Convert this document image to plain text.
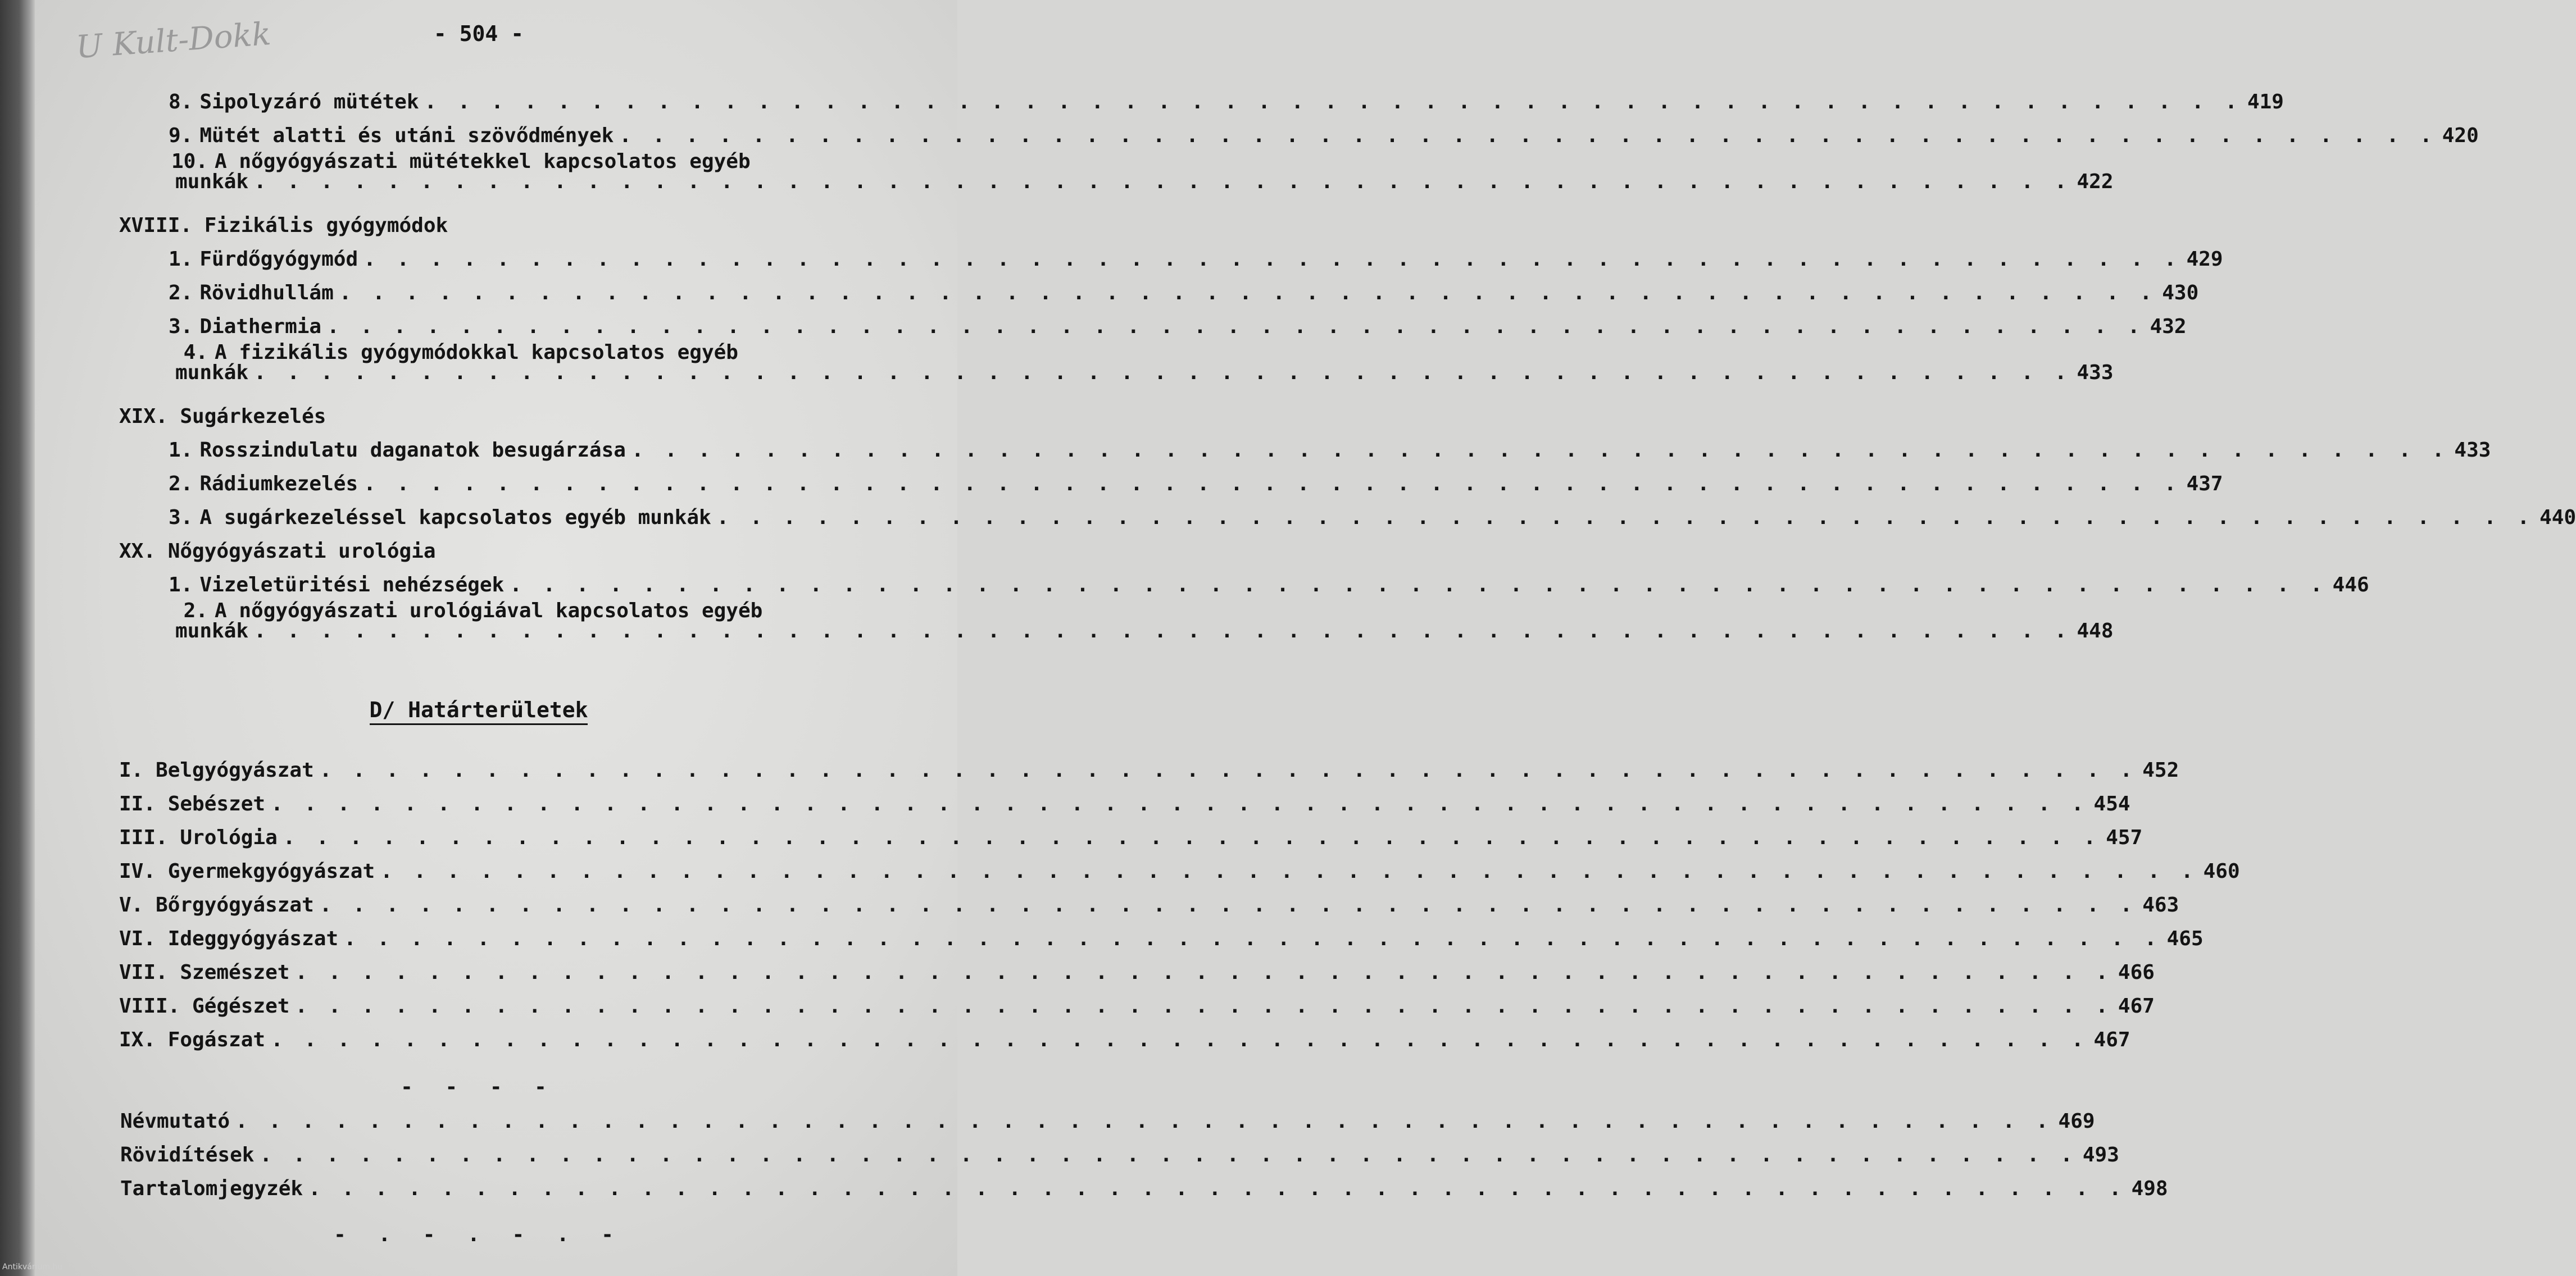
U Kult-Dokk	- 504 -
8. Sipolyzáró mütétek . . . . . . . . . . . . . . . . . . . . . . . . . . . . . . . . . . . . . . . . . . . . . . . . . . . . . . . 419
9. Mütét alatti és utáni szövődmények . . . . . . . . . . . . . . . . . . . . . . . . . . . . . . . . . . . . . . . . . . . . . . . . . . . . . . . 420
10. A nőgyógyászati mütétekkel kapcsolatos egyéb
munkák . . . . . . . . . . . . . . . . . . . . . . . . . . . . . . . . . . . . . . . . . . . . . . . . . . . . . . . 422
XVIII. Fizikális gyógymódok
1. Fürdőgyógymód . . . . . . . . . . . . . . . . . . . . . . . . . . . . . . . . . . . . . . . . . . . . . . . . . . . . . . . 429
2. Rövidhullám . . . . . . . . . . . . . . . . . . . . . . . . . . . . . . . . . . . . . . . . . . . . . . . . . . . . . . . 430
3. Diathermia . . . . . . . . . . . . . . . . . . . . . . . . . . . . . . . . . . . . . . . . . . . . . . . . . . . . . . . 432
4. A fizikális gyógymódokkal kapcsolatos egyéb
munkák . . . . . . . . . . . . . . . . . . . . . . . . . . . . . . . . . . . . . . . . . . . . . . . . . . . . . . . 433
XIX. Sugárkezelés
1. Rosszindulatu daganatok besugárzása . . . . . . . . . . . . . . . . . . . . . . . . . . . . . . . . . . . . . . . . . . . . . . . . . . . . . . . 433
2. Rádiumkezelés . . . . . . . . . . . . . . . . . . . . . . . . . . . . . . . . . . . . . . . . . . . . . . . . . . . . . . . 437
3. A sugárkezeléssel kapcsolatos egyéb munkák . . . . . . . . . . . . . . . . . . . . . . . . . . . . . . . . . . . . . . . . . . . . . . . . . . . . . . . 440
XX. Nőgyógyászati urológia
1. Vizeletüritési nehézségek . . . . . . . . . . . . . . . . . . . . . . . . . . . . . . . . . . . . . . . . . . . . . . . . . . . . . . . 446
2. A nőgyógyászati urológiával kapcsolatos egyéb
munkák . . . . . . . . . . . . . . . . . . . . . . . . . . . . . . . . . . . . . . . . . . . . . . . . . . . . . . . 448
I. Belgyógyászat . . . . . . . . . . . . . . . . . . . . . . . . . . . . . . . . . . . . . . . . . . . . . . . . . . . . . . . 452
II. Sebészet . . . . . . . . . . . . . . . . . . . . . . . . . . . . . . . . . . . . . . . . . . . . . . . . . . . . . . . 454
III. Urológia . . . . . . . . . . . . . . . . . . . . . . . . . . . . . . . . . . . . . . . . . . . . . . . . . . . . . . . 457
IV. Gyermekgyógyászat . . . . . . . . . . . . . . . . . . . . . . . . . . . . . . . . . . . . . . . . . . . . . . . . . . . . . . . 460
V. Bőrgyógyászat . . . . . . . . . . . . . . . . . . . . . . . . . . . . . . . . . . . . . . . . . . . . . . . . . . . . . . . 463
VI. Ideggyógyászat . . . . . . . . . . . . . . . . . . . . . . . . . . . . . . . . . . . . . . . . . . . . . . . . . . . . . . . 465
VII. Szemészet . . . . . . . . . . . . . . . . . . . . . . . . . . . . . . . . . . . . . . . . . . . . . . . . . . . . . . . 466
VIII. Gégészet . . . . . . . . . . . . . . . . . . . . . . . . . . . . . . . . . . . . . . . . . . . . . . . . . . . . . . . 467
IX. Fogászat . . . . . . . . . . . . . . . . . . . . . . . . . . . . . . . . . . . . . . . . . . . . . . . . . . . . . . . 467
Névmutató . . . . . . . . . . . . . . . . . . . . . . . . . . . . . . . . . . . . . . . . . . . . . . . . . . . . . . . 469
Rövidítések . . . . . . . . . . . . . . . . . . . . . . . . . . . . . . . . . . . . . . . . . . . . . . . . . . . . . . . 493
Tartalomjegyzék . . . . . . . . . . . . . . . . . . . . . . . . . . . . . . . . . . . . . . . . . . . . . . . . . . . . . . . 498
D/ Határterületek
- - - -
- . - . - . -
Antikvárium.hu
